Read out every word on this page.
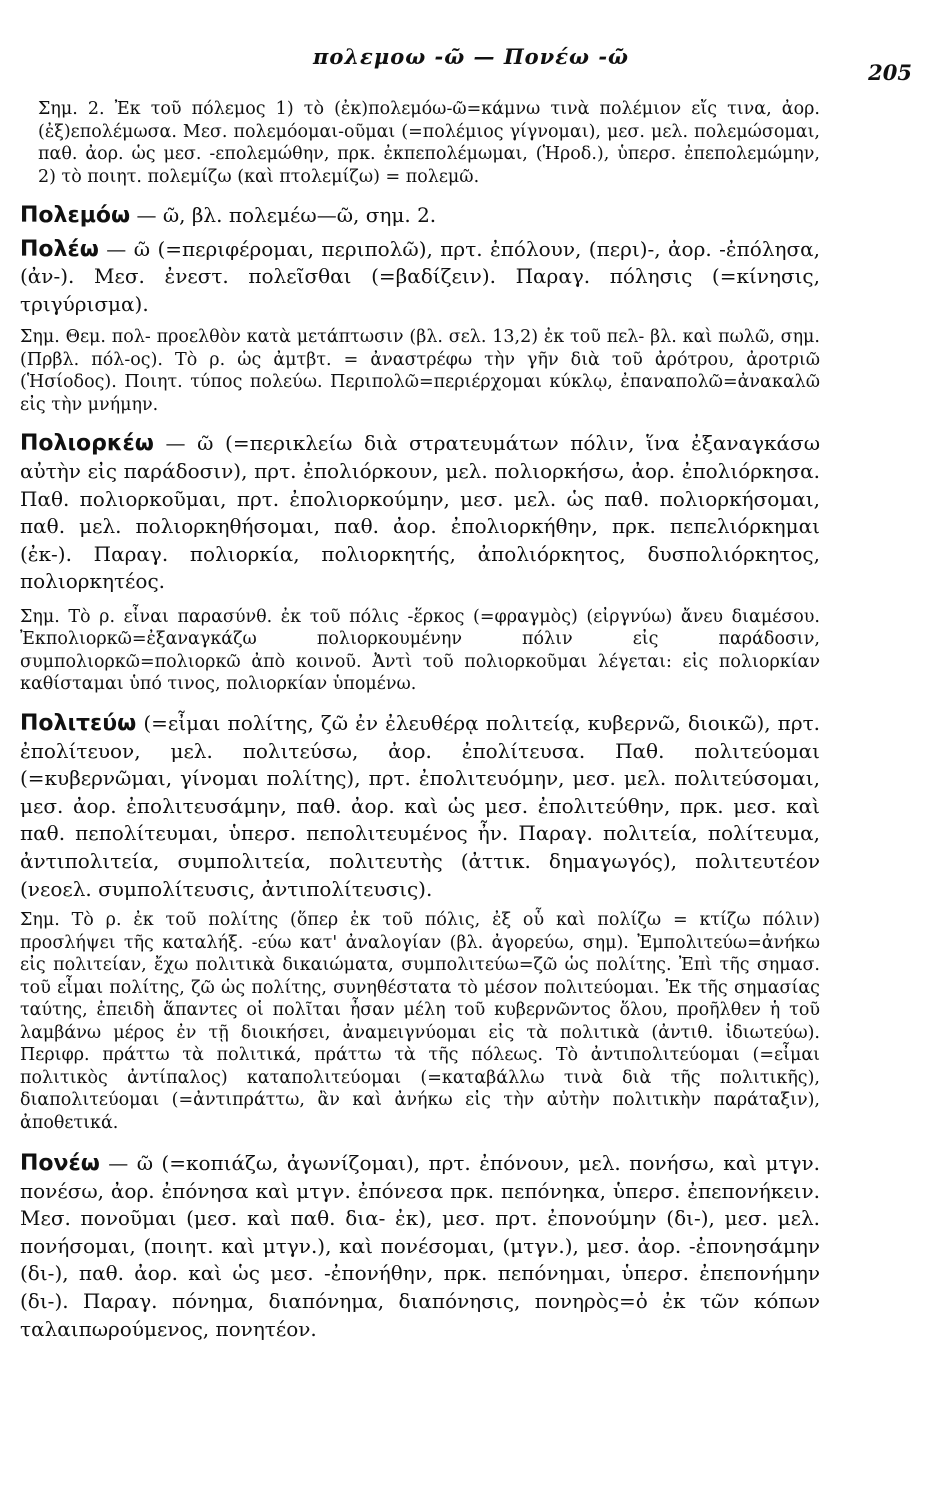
πολεμοω -ῶ — Πονέω -ῶ
205

Σημ. 2. Ἐκ τοῦ πόλεμος 1) τὸ (ἐκ)πολεμόω-ῶ=κάμνω τινὰ πολέμιον εἴς τινα, ἀορ. (ἐξ)επολέμωσα. Μεσ. πολεμόομαι-οῦμαι (=πολέμιος γίγνομαι), μεσ. μελ. πολεμώσομαι, παθ. ἀορ. ὡς μεσ. -επολεμώθην, πρκ. ἐκπεπολέμωμαι, (Ἡροδ.), ὑπερσ. ἐπεπολεμώμην, 2) τὸ ποιητ. πολεμίζω (καὶ πτολεμίζω) = πολεμῶ.

Πολεμόω — ῶ, βλ. πολεμέω—ῶ, σημ. 2.

Πολέω — ῶ (=περιφέρομαι, περιπολῶ), πρτ. ἐπόλουν, (περι)-, ἀορ. -ἐπόλησα, (ἀν-). Μεσ. ἐνεστ. πολεῖσθαι (=βαδίζειν). Παραγ. πόλησις (=κίνησις, τριγύρισμα).

Σημ. Θεμ. πολ- προελθὸν κατὰ μετάπτωσιν (βλ. σελ. 13,2) ἐκ τοῦ πελ- βλ. καὶ πωλῶ, σημ. (Πρβλ. πόλ-ος). Τὸ ρ. ὡς ἀμτβτ. = ἀναστρέφω τὴν γῆν διὰ τοῦ ἀρότρου, ἀροτριῶ (Ἡσίοδος). Ποιητ. τύπος πολεύω. Περιπολῶ=περιέρχομαι κύκλῳ, ἐπαναπολῶ=ἀνακαλῶ εἰς τὴν μνήμην.

Πολιορκέω — ῶ (=περικλείω διὰ στρατευμάτων πόλιν, ἵνα ἐξαναγκάσω αὐτὴν εἰς παράδοσιν), πρτ. ἐπολιόρκουν, μελ. πολιορκήσω, ἀορ. ἐπολιόρκησα. Παθ. πολιορκοῦμαι, πρτ. ἐπολιορκούμην, μεσ. μελ. ὡς παθ. πολιορκήσομαι, παθ. μελ. πολιορκηθήσομαι, παθ. ἀορ. ἐπολιορκήθην, πρκ. πεπελιόρκημαι (ἐκ-). Παραγ. πολιορκία, πολιορκητής, ἀπολιόρκητος, δυσπολιόρκητος, πολιορκητέος.

Σημ. Τὸ ρ. εἶναι παρασύνθ. ἐκ τοῦ πόλις -ἕρκος (=φραγμὸς) (εἰργνύω) ἄνευ διαμέσου. Ἐκπολιορκῶ=ἐξαναγκάζω πολιορκουμένην πόλιν εἰς παράδοσιν, συμπολιορκῶ=πολιορκῶ ἀπὸ κοινοῦ. Ἀντὶ τοῦ πολιορκοῦμαι λέγεται: εἰς πολιορκίαν καθίσταμαι ὑπό τινος, πολιορκίαν ὑπομένω.

Πολιτεύω (=εἶμαι πολίτης, ζῶ ἐν ἐλευθέρᾳ πολιτείᾳ, κυβερνῶ, διοικῶ), πρτ. ἐπολίτευον, μελ. πολιτεύσω, ἀορ. ἐπολίτευσα. Παθ. πολιτεύομαι (=κυβερνῶμαι, γίνομαι πολίτης), πρτ. ἐπολιτευόμην, μεσ. μελ. πολιτεύσομαι, μεσ. ἀορ. ἐπολιτευσάμην, παθ. ἀορ. καὶ ὡς μεσ. ἐπολιτεύθην, πρκ. μεσ. καὶ παθ. πεπολίτευμαι, ὑπερσ. πεπολιτευμένος ἦν. Παραγ. πολιτεία, πολίτευμα, ἀντιπολιτεία, συμπολιτεία, πολιτευτὴς (ἀττικ. δημαγωγός), πολιτευτέον (νεοελ. συμπολίτευσις, ἀντιπολίτευσις).

Σημ. Τὸ ρ. ἐκ τοῦ πολίτης (ὅπερ ἐκ τοῦ πόλις, ἐξ οὗ καὶ πολίζω = κτίζω πόλιν) προσλήψει τῆς καταλήξ. -εύω κατ' ἀναλογίαν (βλ. ἀγορεύω, σημ). Ἐμπολιτεύω=ἀνήκω εἰς πολιτείαν, ἔχω πολιτικὰ δικαιώματα, συμπολιτεύω=ζῶ ὡς πολίτης. Ἐπὶ τῆς σημασ. τοῦ εἶμαι πολίτης, ζῶ ὡς πολίτης, συνηθέστατα τὸ μέσον πολιτεύομαι. Ἐκ τῆς σημασίας ταύτης, ἐπειδὴ ἅπαντες οἱ πολῖται ἦσαν μέλη τοῦ κυβερνῶντος ὅλου, προῆλθεν ἡ τοῦ λαμβάνω μέρος ἐν τῇ διοικήσει, ἀναμειγνύομαι εἰς τὰ πολιτικὰ (ἀντιθ. ἰδιωτεύω). Περιφρ. πράττω τὰ πολιτικά, πράττω τὰ τῆς πόλεως. Τὸ ἀντιπολιτεύομαι (=εἶμαι πολιτικὸς ἀντίπαλος) καταπολιτεύομαι (=καταβάλλω τινὰ διὰ τῆς πολιτικῆς), διαπολιτεύομαι (=ἀντιπράττω, ἂν καὶ ἀνήκω εἰς τὴν αὐτὴν πολιτικὴν παράταξιν), ἀποθετικά.

Πονέω — ῶ (=κοπιάζω, ἀγωνίζομαι), πρτ. ἐπόνουν, μελ. πονήσω, καὶ μτγν. πονέσω, ἀορ. ἐπόνησα καὶ μτγν. ἐπόνεσα πρκ. πεπόνηκα, ὑπερσ. ἐπεπονήκειν. Μεσ. πονοῦμαι (μεσ. καὶ παθ. δια- ἐκ), μεσ. πρτ. ἐπονούμην (δι-), μεσ. μελ. πονήσομαι, (ποιητ. καὶ μτγν.), καὶ πονέσομαι, (μτγν.), μεσ. ἀορ. -ἐπονησάμην (δι-), παθ. ἀορ. καὶ ὡς μεσ. -ἐπονήθην, πρκ. πεπόνημαι, ὑπερσ. ἐπεπονήμην (δι-). Παραγ. πόνημα, διαπόνημα, διαπόνησις, πονηρὸς=ὁ ἐκ τῶν κόπων ταλαιπωρούμενος, πονητέον.
